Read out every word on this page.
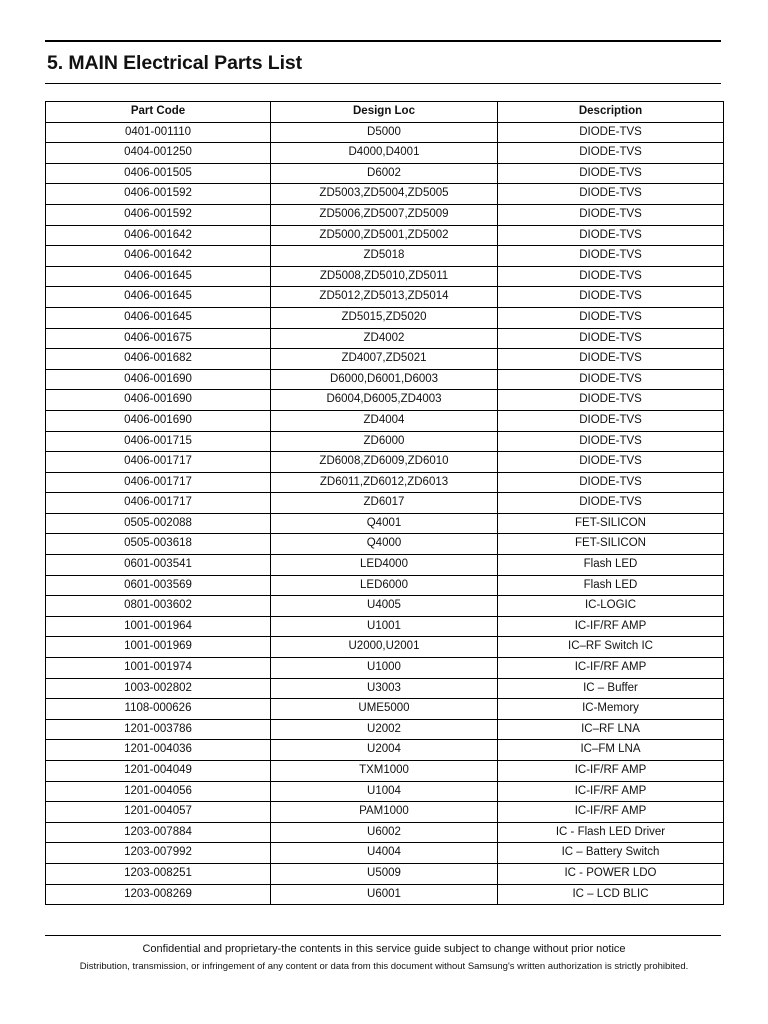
5. MAIN Electrical Parts List
Part Code	Design Loc	Description
0401-001110	D5000	DIODE-TVS
0404-001250	D4000,D4001	DIODE-TVS
0406-001505	D6002	DIODE-TVS
0406-001592	ZD5003,ZD5004,ZD5005	DIODE-TVS
0406-001592	ZD5006,ZD5007,ZD5009	DIODE-TVS
0406-001642	ZD5000,ZD5001,ZD5002	DIODE-TVS
0406-001642	ZD5018	DIODE-TVS
0406-001645	ZD5008,ZD5010,ZD5011	DIODE-TVS
0406-001645	ZD5012,ZD5013,ZD5014	DIODE-TVS
0406-001645	ZD5015,ZD5020	DIODE-TVS
0406-001675	ZD4002	DIODE-TVS
0406-001682	ZD4007,ZD5021	DIODE-TVS
0406-001690	D6000,D6001,D6003	DIODE-TVS
0406-001690	D6004,D6005,ZD4003	DIODE-TVS
0406-001690	ZD4004	DIODE-TVS
0406-001715	ZD6000	DIODE-TVS
0406-001717	ZD6008,ZD6009,ZD6010	DIODE-TVS
0406-001717	ZD6011,ZD6012,ZD6013	DIODE-TVS
0406-001717	ZD6017	DIODE-TVS
0505-002088	Q4001	FET-SILICON
0505-003618	Q4000	FET-SILICON
0601-003541	LED4000	Flash LED
0601-003569	LED6000	Flash LED
0801-003602	U4005	IC-LOGIC
1001-001964	U1001	IC-IF/RF AMP
1001-001969	U2000,U2001	IC–RF Switch IC
1001-001974	U1000	IC-IF/RF AMP
1003-002802	U3003	IC – Buffer
1108-000626	UME5000	IC-Memory
1201-003786	U2002	IC–RF LNA
1201-004036	U2004	IC–FM LNA
1201-004049	TXM1000	IC-IF/RF AMP
1201-004056	U1004	IC-IF/RF AMP
1201-004057	PAM1000	IC-IF/RF AMP
1203-007884	U6002	IC - Flash LED Driver
1203-007992	U4004	IC – Battery Switch
1203-008251	U5009	IC - POWER LDO
1203-008269	U6001	IC – LCD BLIC
Confidential and proprietary-the contents in this service guide subject to change without prior notice
Distribution, transmission, or infringement of any content or data from this document without Samsung's written authorization is strictly prohibited.
